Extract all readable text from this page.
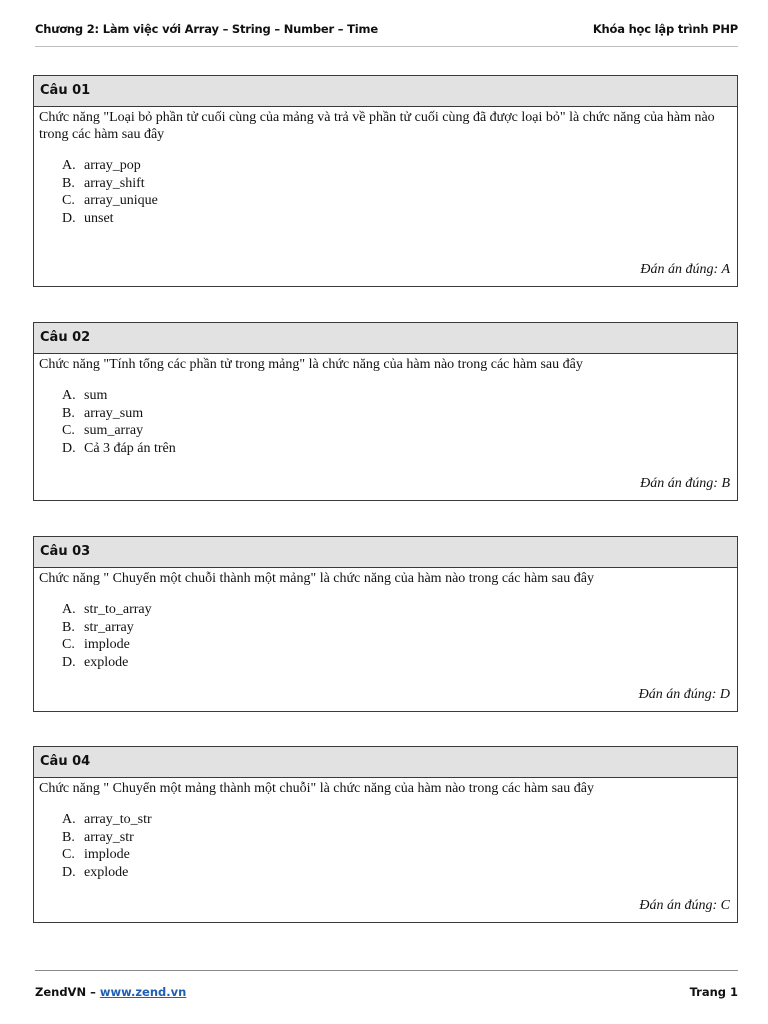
Chương 2: Làm việc với Array – String – Number – Time	Khóa học lập trình PHP
Câu 01
Chức năng "Loại bỏ phần tử cuối cùng của mảng và trả về phần tử cuối cùng đã được loại bỏ" là chức năng của hàm nào trong các hàm sau đây
A. array_pop
B. array_shift
C. array_unique
D. unset
Đán án đúng: A
Câu 02
Chức năng "Tính tổng các phần tử trong mảng" là chức năng của hàm nào trong các hàm sau đây
A. sum
B. array_sum
C. sum_array
D. Cả 3 đáp án trên
Đán án đúng: B
Câu 03
Chức năng " Chuyển một chuỗi thành một mảng" là chức năng của hàm nào trong các hàm sau đây
A. str_to_array
B. str_array
C. implode
D. explode
Đán án đúng: D
Câu 04
Chức năng " Chuyển một mảng thành một chuỗi" là chức năng của hàm nào trong các hàm sau đây
A. array_to_str
B. array_str
C. implode
D. explode
Đán án đúng: C
ZendVN – www.zend.vn	Trang 1
